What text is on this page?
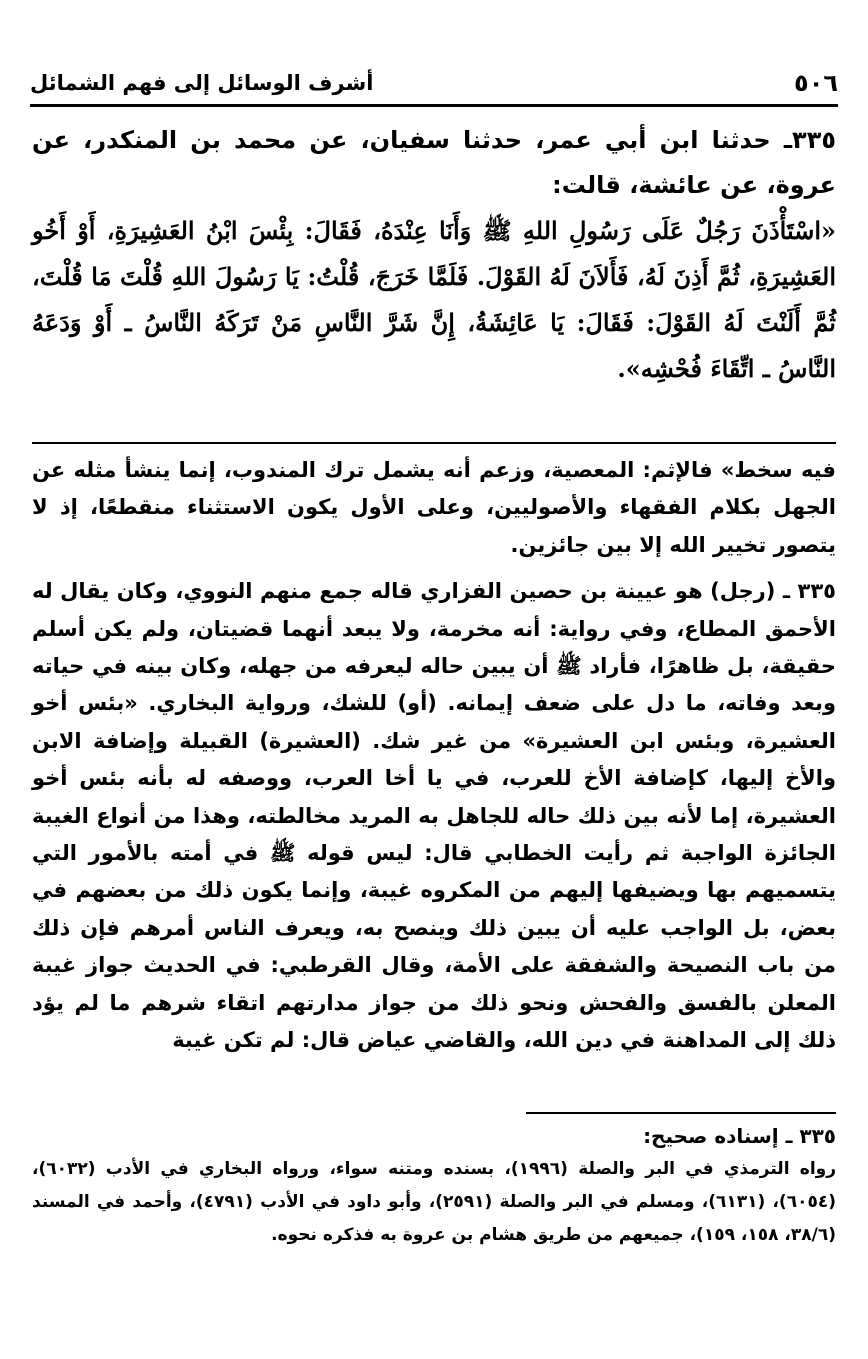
٥٠٦
أشرف الوسائل إلى فهم الشمائل

٣٣٥ـ حدثنا ابن أبي عمر، حدثنا سفيان، عن محمد بن المنكدر، عن عروة، عن عائشة، قالت:

«اسْتَأْذَنَ رَجُلٌ عَلَى رَسُولِ اللهِ ﷺ وَأَنَا عِنْدَهُ، فَقَالَ: بِئْسَ ابْنُ العَشِيرَةِ، أَوْ أَخُو العَشِيرَةِ، ثُمَّ أَذِنَ لَهُ، فَأَلاَنَ لَهُ القَوْلَ. فَلَمَّا خَرَجَ، قُلْتُ: يَا رَسُولَ اللهِ قُلْتَ مَا قُلْتَ، ثُمَّ أَلَنْتَ لَهُ القَوْلَ: فَقَالَ: يَا عَائِشَةُ، إِنَّ شَرَّ النَّاسِ مَنْ تَرَكَهُ النَّاسُ ـ أَوْ وَدَعَهُ النَّاسُ ـ اتِّقَاءَ فُحْشِه».

فيه سخط» فالإثم: المعصية، وزعم أنه يشمل ترك المندوب، إنما ينشأ مثله عن الجهل بكلام الفقهاء والأصوليين، وعلى الأول يكون الاستثناء منقطعًا، إذ لا يتصور تخيير الله إلا بين جائزين.

٣٣٥ ـ (رجل) هو عيينة بن حصين الفزاري قاله جمع منهم النووي، وكان يقال له الأحمق المطاع، وفي رواية: أنه مخرمة، ولا يبعد أنهما قضيتان، ولم يكن أسلم حقيقة، بل ظاهرًا، فأراد ﷺ أن يبين حاله ليعرفه من جهله، وكان بينه في حياته وبعد وفاته، ما دل على ضعف إيمانه. (أو) للشك، ورواية البخاري. «بئس أخو العشيرة، وبئس ابن العشيرة» من غير شك. (العشيرة) القبيلة وإضافة الابن والأخ إليها، كإضافة الأخ للعرب، في يا أخا العرب، ووصفه له بأنه بئس أخو العشيرة، إما لأنه بين ذلك حاله للجاهل به المريد مخالطته، وهذا من أنواع الغيبة الجائزة الواجبة ثم رأيت الخطابي قال: ليس قوله ﷺ في أمته بالأمور التي يتسميهم بها ويضيفها إليهم من المكروه غيبة، وإنما يكون ذلك من بعضهم في بعض، بل الواجب عليه أن يبين ذلك وينصح به، ويعرف الناس أمرهم فإن ذلك من باب النصيحة والشفقة على الأمة، وقال القرطبي: في الحديث جواز غيبة المعلن بالفسق والفحش ونحو ذلك من جواز مدارتهم اتقاء شرهم ما لم يؤد ذلك إلى المداهنة في دين الله، والقاضي عياض قال: لم تكن غيبة

٣٣٥ ـ إسناده صحيح:

رواه الترمذي في البر والصلة (١٩٩٦)، بسنده ومتنه سواء، ورواه البخاري في الأدب (٦٠٣٢)، (٦٠٥٤)، (٦١٣١)، ومسلم في البر والصلة (٢٥٩١)، وأبو داود في الأدب (٤٧٩١)، وأحمد في المسند (٣٨/٦، ١٥٨، ١٥٩)، جميعهم من طريق هشام بن عروة به فذكره نحوه.
